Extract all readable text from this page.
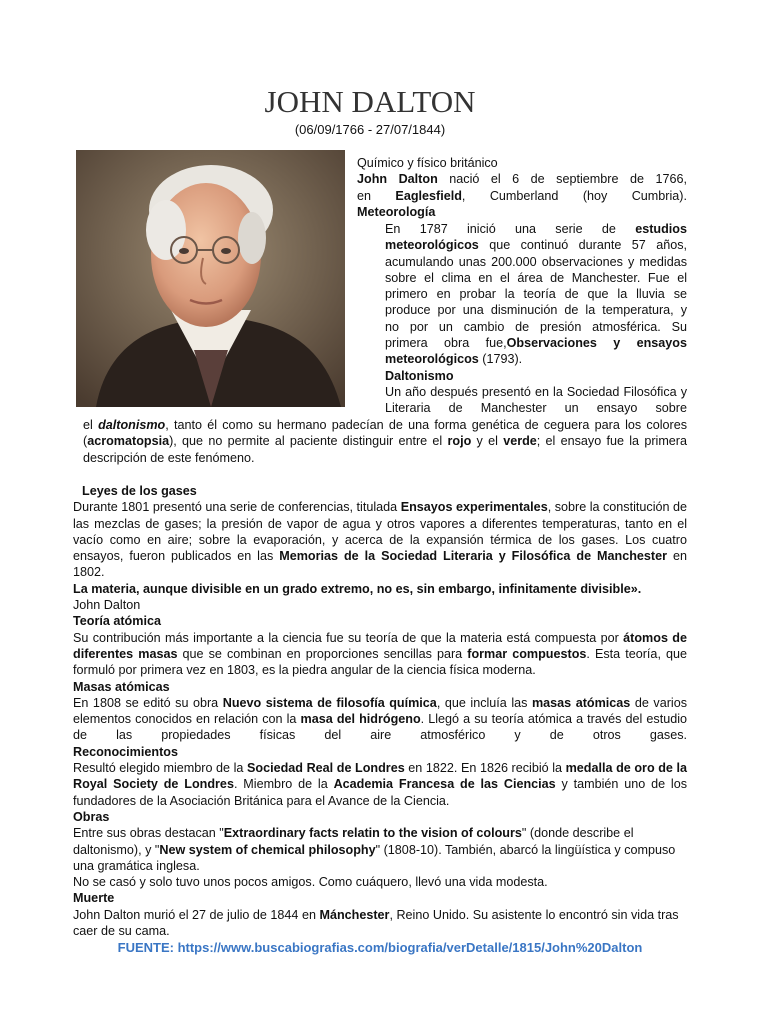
JOHN DALTON
(06/09/1766 - 27/07/1844)
Químico y físico británico
John Dalton nació el 6 de septiembre de 1766,
en Eaglesfield, Cumberland (hoy Cumbria).
Meteorología
En 1787 inició una serie de estudios
meteorológicos que continuó durante 57 años,
acumulando unas 200.000 observaciones y medidas
sobre el clima en el área de Manchester. Fue el
primero en probar la teoría de que la lluvia se
produce por una disminución de la temperatura, y
no por un cambio de presión atmosférica. Su
primera obra fue,Observaciones y ensayos
meteorológicos (1793).
Daltonismo
Un año después presentó en la Sociedad Filosófica y
Literaria de Manchester un ensayo sobre
el daltonismo, tanto él como su hermano padecían de una forma genética de ceguera para los colores
(acromatopsia), que no permite al paciente distinguir entre el rojo y el verde; el ensayo fue la primera
descripción de este fenómeno.
Leyes de los gases
Durante 1801 presentó una serie de conferencias, titulada Ensayos experimentales, sobre la constitución de las mezclas de gases; la presión de vapor de agua y otros vapores a diferentes temperaturas, tanto en el vacío como en aire; sobre la evaporación, y acerca de la expansión térmica de los gases. Los cuatro ensayos, fueron publicados en las Memorias de la Sociedad Literaria y Filosófica de Manchester en 1802.
La materia, aunque divisible en un grado extremo, no es, sin embargo, infinitamente divisible».
John Dalton
Teoría atómica
Su contribución más importante a la ciencia fue su teoría de que la materia está compuesta por átomos de diferentes masas que se combinan en proporciones sencillas para formar compuestos. Esta teoría, que formuló por primera vez en 1803, es la piedra angular de la ciencia física moderna.
Masas atómicas
En 1808 se editó su obra Nuevo sistema de filosofía química, que incluía las masas atómicas de varios elementos conocidos en relación con la masa del hidrógeno. Llegó a su teoría atómica a través del estudio de las propiedades físicas del aire atmosférico y de otros gases.
Reconocimientos
Resultó elegido miembro de la Sociedad Real de Londres en 1822. En 1826 recibió la medalla de oro de la Royal Society de Londres. Miembro de la Academia Francesa de las Ciencias y también uno de los fundadores de la Asociación Británica para el Avance de la Ciencia.
Obras
Entre sus obras destacan "Extraordinary facts relatin to the vision of colours" (donde describe el daltonismo), y "New system of chemical philosophy" (1808-10). También, abarcó la lingüística y compuso una gramática inglesa.
No se casó y solo tuvo unos pocos amigos. Como cuáquero, llevó una vida modesta.
Muerte
John Dalton murió el 27 de julio de 1844 en Mánchester, Reino Unido. Su asistente lo encontró sin vida tras caer de su cama.
FUENTE: https://www.buscabiografias.com/biografia/verDetalle/1815/John%20Dalton
